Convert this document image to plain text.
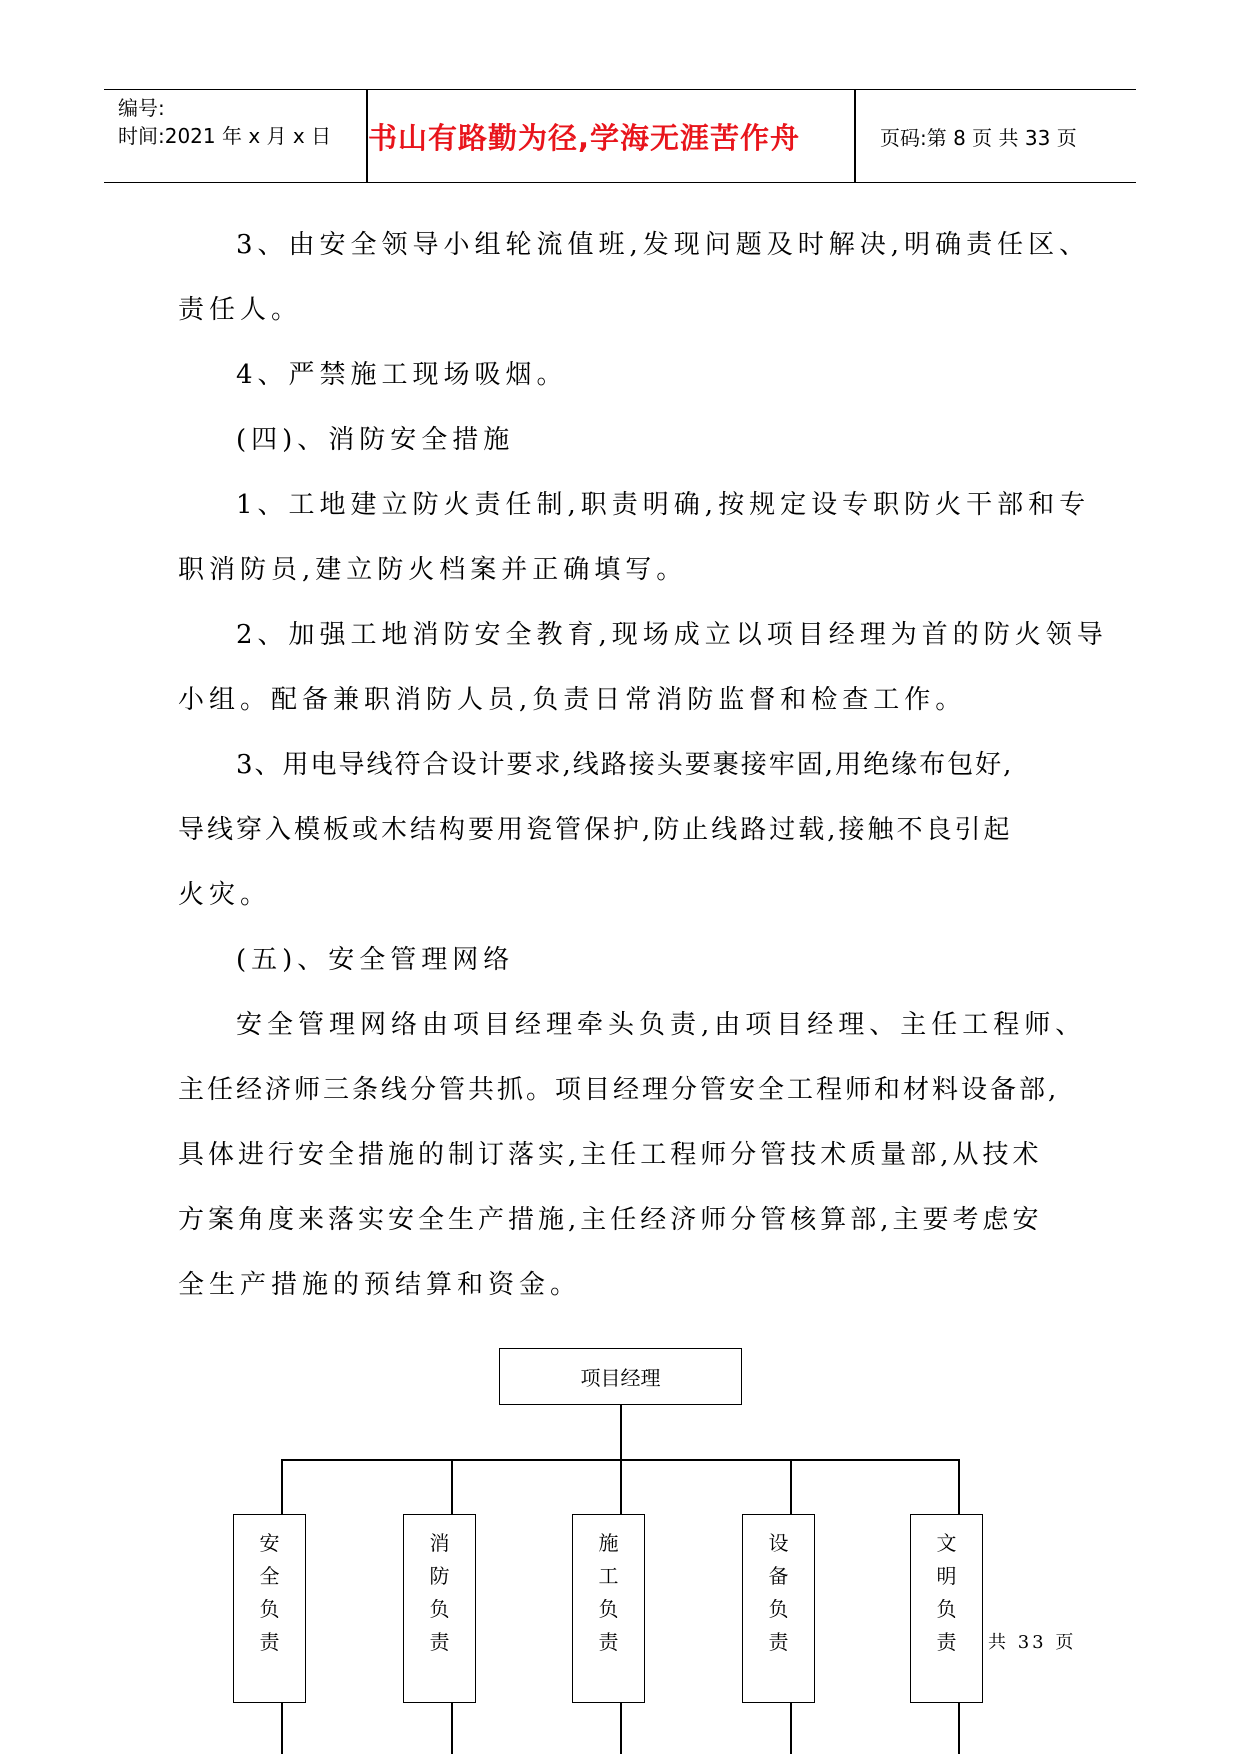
编号:
时间:2021 年 x 月 x 日 书山有路勤为径,学海无涯苦作舟	页码:第 8 页 共 33 页
3、由安全领导小组轮流值班,发现问题及时解决,明确责任区、
责任人。
4、严禁施工现场吸烟。
(四)、消防安全措施
1、工地建立防火责任制,职责明确,按规定设专职防火干部和专
职消防员,建立防火档案并正确填写。
2、加强工地消防安全教育,现场成立以项目经理为首的防火领导
小组。配备兼职消防人员,负责日常消防监督和检查工作。
3、用电导线符合设计要求,线路接头要裹接牢固,用绝缘布包好,
导线穿入模板或木结构要用瓷管保护,防止线路过载,接触不良引起
火灾。
(五)、安全管理网络
安全管理网络由项目经理牵头负责,由项目经理、主任工程师、
主任经济师三条线分管共抓。项目经理分管安全工程师和材料设备部,
具体进行安全措施的制订落实,主任工程师分管技术质量部,从技术
方案角度来落实安全生产措施,主任经济师分管核算部,主要考虑安
全生产措施的预结算和资金。
项目经理
安
全
负
责
消
防
负
责
施
工
负
责
设
备
负
责
文
明
负
责 共 33 页
